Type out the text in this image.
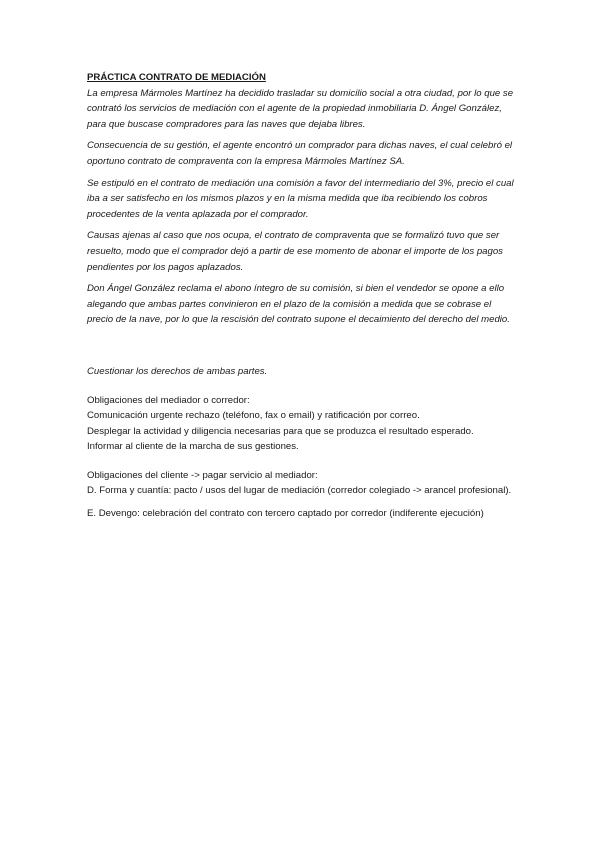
PRÁCTICA CONTRATO DE MEDIACIÓN

La empresa Mármoles Martínez ha decidido trasladar su domicilio social a otra ciudad, por lo que se contrató los servicios de mediación con el agente de la propiedad inmobiliaria D. Ángel González, para que buscase compradores para las naves que dejaba libres.

Consecuencia de su gestión, el agente encontró un comprador para dichas naves, el cual celebró el oportuno contrato de compraventa con la empresa Mármoles Martínez SA.

Se estipuló en el contrato de mediación una comisión a favor del intermediario del 3%, precio el cual iba a ser satisfecho en los mismos plazos y en la misma medida que iba recibiendo los cobros procedentes de la venta aplazada por el comprador.

Causas ajenas al caso que nos ocupa, el contrato de compraventa que se formalizó tuvo que ser resuelto, modo que el comprador dejó a partir de ese momento de abonar el importe de los pagos pendientes por los pagos aplazados.

Don Ángel González reclama el abono íntegro de su comisión, si bien el vendedor se opone a ello alegando que ambas partes convinieron en el plazo de la comisión a medida que se cobrase el precio de la nave, por lo que la rescisión del contrato supone el decaimiento del derecho del medio.

Cuestionar los derechos de ambas partes.

Obligaciones del mediador o corredor:
Comunicación urgente rechazo (teléfono, fax o email) y ratificación por correo.
Desplegar la actividad y diligencia necesarias para que se produzca el resultado esperado.
Informar al cliente de la marcha de sus gestiones.
Obligaciones del cliente -> pagar servicio al mediador:
D. Forma y cuantía: pacto / usos del lugar de mediación (corredor colegiado -> arancel profesional).
E. Devengo: celebración del contrato con tercero captado por corredor (indiferente ejecución)
